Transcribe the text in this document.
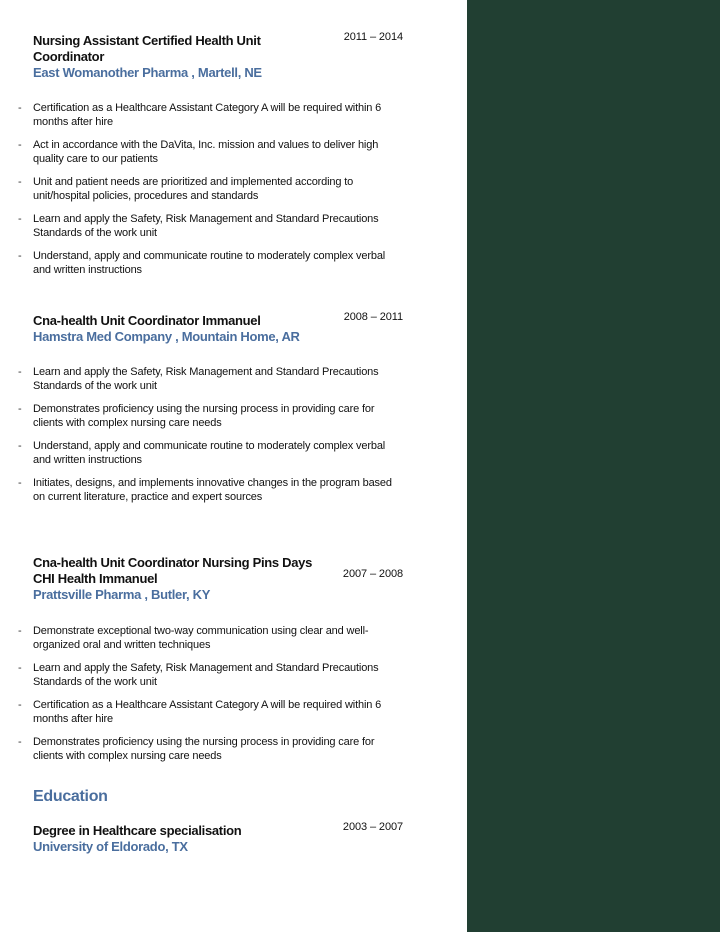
2011 – 2014
Nursing Assistant Certified Health Unit Coordinator

East Womanother Pharma , Martell, NE

- Certification as a Healthcare Assistant Category A will be required within 6 months after hire
- Act in accordance with the DaVita, Inc. mission and values to deliver high quality care to our patients
- Unit and patient needs are prioritized and implemented according to unit/hospital policies, procedures and standards
- Learn and apply the Safety, Risk Management and Standard Precautions Standards of the work unit
- Understand, apply and communicate routine to moderately complex verbal and written instructions
2008 – 2011
Cna-health Unit Coordinator Immanuel

Hamstra Med Company , Mountain Home, AR

- Learn and apply the Safety, Risk Management and Standard Precautions Standards of the work unit
- Demonstrates proficiency using the nursing process in providing care for clients with complex nursing care needs
- Understand, apply and communicate routine to moderately complex verbal and written instructions
- Initiates, designs, and implements innovative changes in the program based on current literature, practice and expert sources
2007 – 2008
Cna-health Unit Coordinator Nursing Pins Days CHI Health Immanuel

Prattsville Pharma , Butler, KY

- Demonstrate exceptional two-way communication using clear and well-organized oral and written techniques
- Learn and apply the Safety, Risk Management and Standard Precautions Standards of the work unit
- Certification as a Healthcare Assistant Category A will be required within 6 months after hire
- Demonstrates proficiency using the nursing process in providing care for clients with complex nursing care needs
Education
2003 – 2007
Degree in Healthcare specialisation

University of Eldorado, TX
